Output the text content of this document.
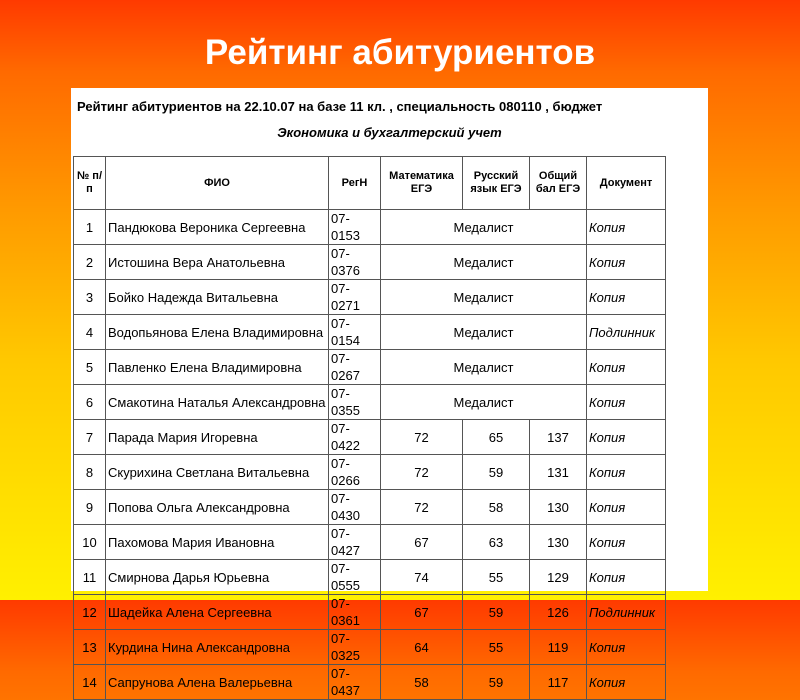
Рейтинг абитуриентов
Рейтинг абитуриентов на 22.10.07 на базе 11 кл. , специальность 080110 , бюджет
Экономика и бухгалтерский учет
№ п/п	ФИО	РегН	Математика ЕГЭ	Русский язык ЕГЭ	Общий бал ЕГЭ	Документ
1	Пандюкова Вероника Сергеевна	07-0153	Медалист			Копия
2	Истошина Вера Анатольевна	07-0376	Медалист			Копия
3	Бойко Надежда Витальевна	07-0271	Медалист			Копия
4	Водопьянова Елена Владимировна	07-0154	Медалист			Подлинник
5	Павленко Елена Владимировна	07-0267	Медалист			Копия
6	Смакотина Наталья Александровна	07-0355	Медалист			Копия
7	Парада Мария Игоревна	07-0422	72	65	137	Копия
8	Скурихина Светлана Витальевна	07-0266	72	59	131	Копия
9	Попова Ольга Александровна	07-0430	72	58	130	Копия
10	Пахомова Мария Ивановна	07-0427	67	63	130	Копия
11	Смирнова Дарья Юрьевна	07-0555	74	55	129	Копия
12	Шадейка Алена Сергеевна	07-0361	67	59	126	Подлинник
13	Курдина Нина Александровна	07-0325	64	55	119	Копия
14	Сапрунова Алена Валерьевна	07-0437	58	59	117	Копия
